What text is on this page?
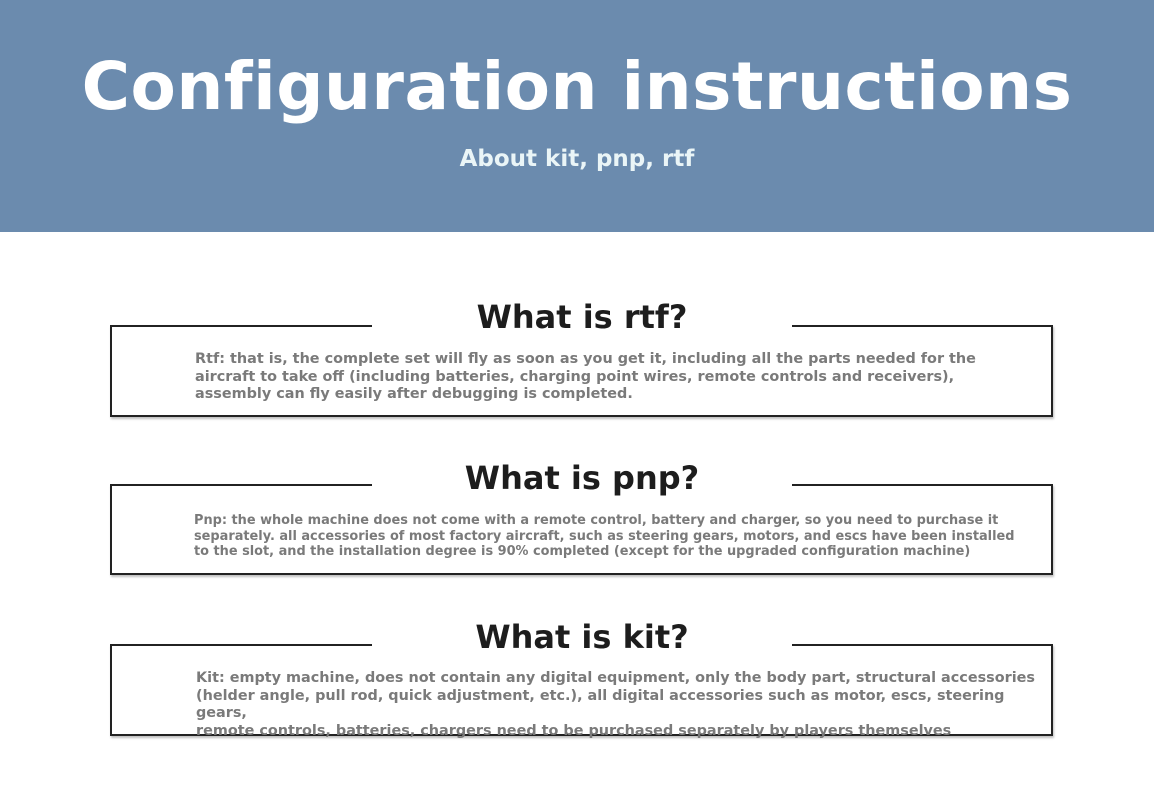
Configuration instructions
About kit, pnp, rtf
What is rtf?
Rtf: that is, the complete set will fly as soon as you get it, including all the parts needed for the
aircraft to take off (including batteries, charging point wires, remote controls and receivers),
assembly can fly easily after debugging is completed.
What is pnp?
Pnp: the whole machine does not come with a remote control, battery and charger, so you need to purchase it
separately. all accessories of most factory aircraft, such as steering gears, motors, and escs have been installed
to the slot, and the installation degree is 90% completed (except for the upgraded configuration machine)
What is kit?
Kit: empty machine, does not contain any digital equipment, only the body part, structural accessories
(helder angle, pull rod, quick adjustment, etc.), all digital accessories such as motor, escs, steering gears,
remote controls, batteries, chargers need to be purchased separately by players themselves
